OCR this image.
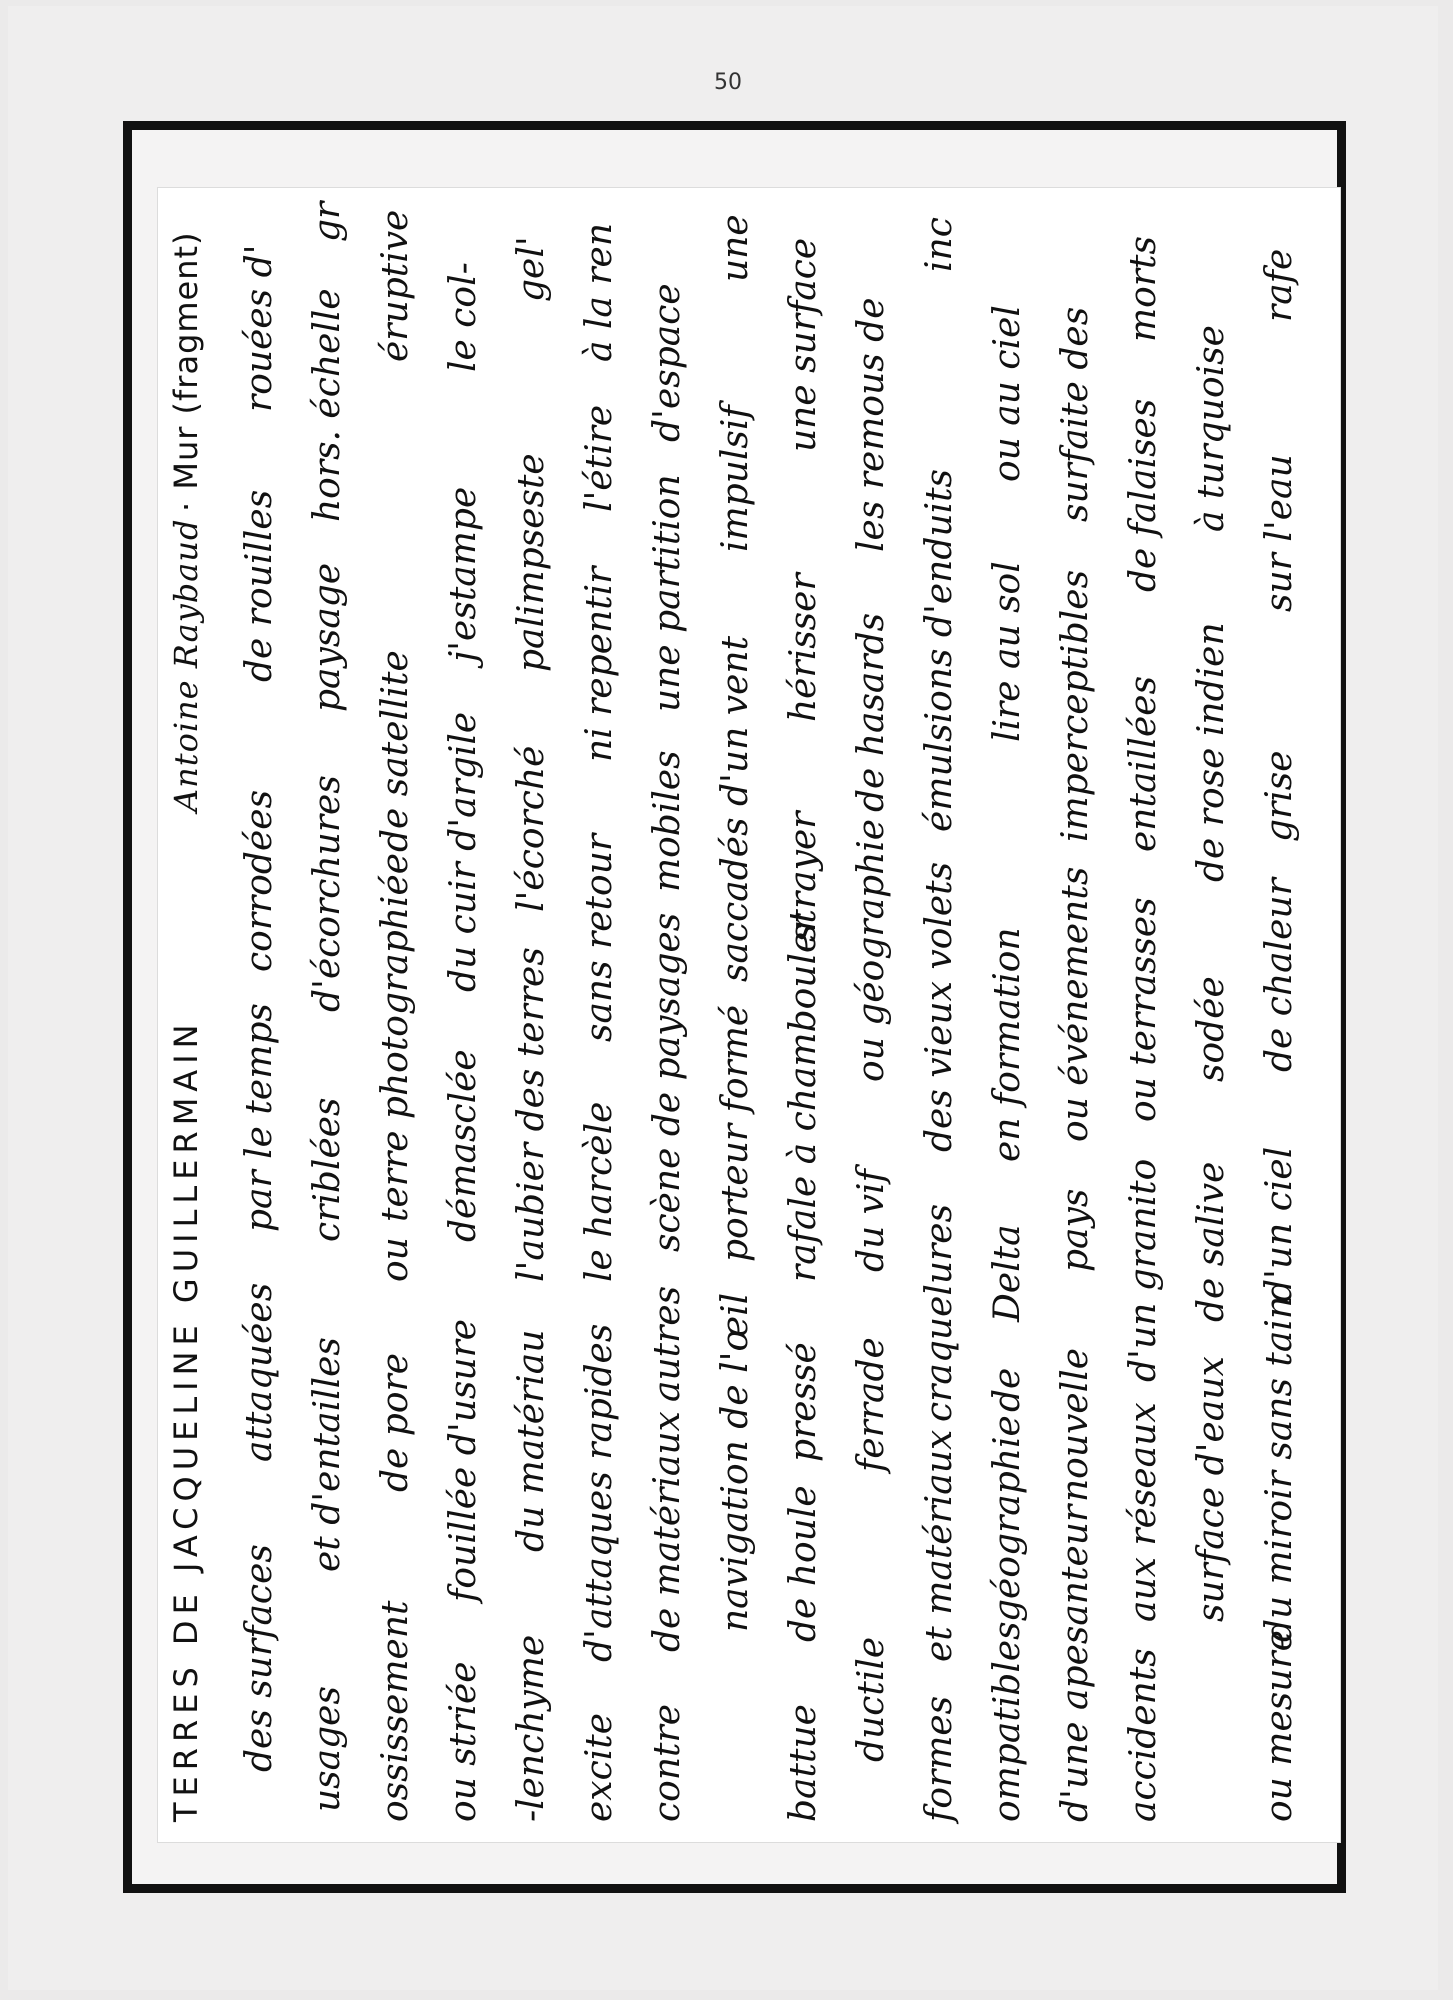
50
TERRES DE JACQUELINE GUILLERMAIN
Antoine Raybaud
· Mur (fragment)
des surfaces
attaquées
par le temps
corrodées
de rouilles
rouées d'
usages
et d'entailles
criblées
d'écorchures
paysage
hors. échelle
gr
ossissement
de pore
ou
terre photographiée
de satellite
éruptive
ou striée
fouillée d'usure
démasclée
du cuir d'argile
j'estampe
le col-
-lenchyme
du matériau
l'aubier des terres
l'écorché
palimpseste
gel'
excite
d'attaques rapides
le harcèle
sans retour
ni repentir
l'étire
à la ren
contre
de matériaux
autres
scène de paysages
mobiles
une partition
d'espace
navigation de l'œil
porteur formé
saccadés d'un vent
impulsif
une
battue
de houle
pressé
rafale à chambouler
strayer
hérisser
une surface
ductile
ferrade
du vif
ou géographie
de hasards
les remous de
formes
et matériaux
craquelures
des vieux volets
émulsions d'enduits
inc
ompatibles
géographie
de
Delta
en formation
lire au sol
ou au ciel
d'une apesanteur
nouvelle
pays
ou événements
imperceptibles
surfaite des
accidents
aux réseaux
d'un granito
ou terrasses
entaillées
de falaises
morts
surface d'eaux
de salive
sodée
de rose indien
à turquoise
ou mesure
du miroir sans tain
d'un ciel
de chaleur
grise
sur l'eau
rafe
